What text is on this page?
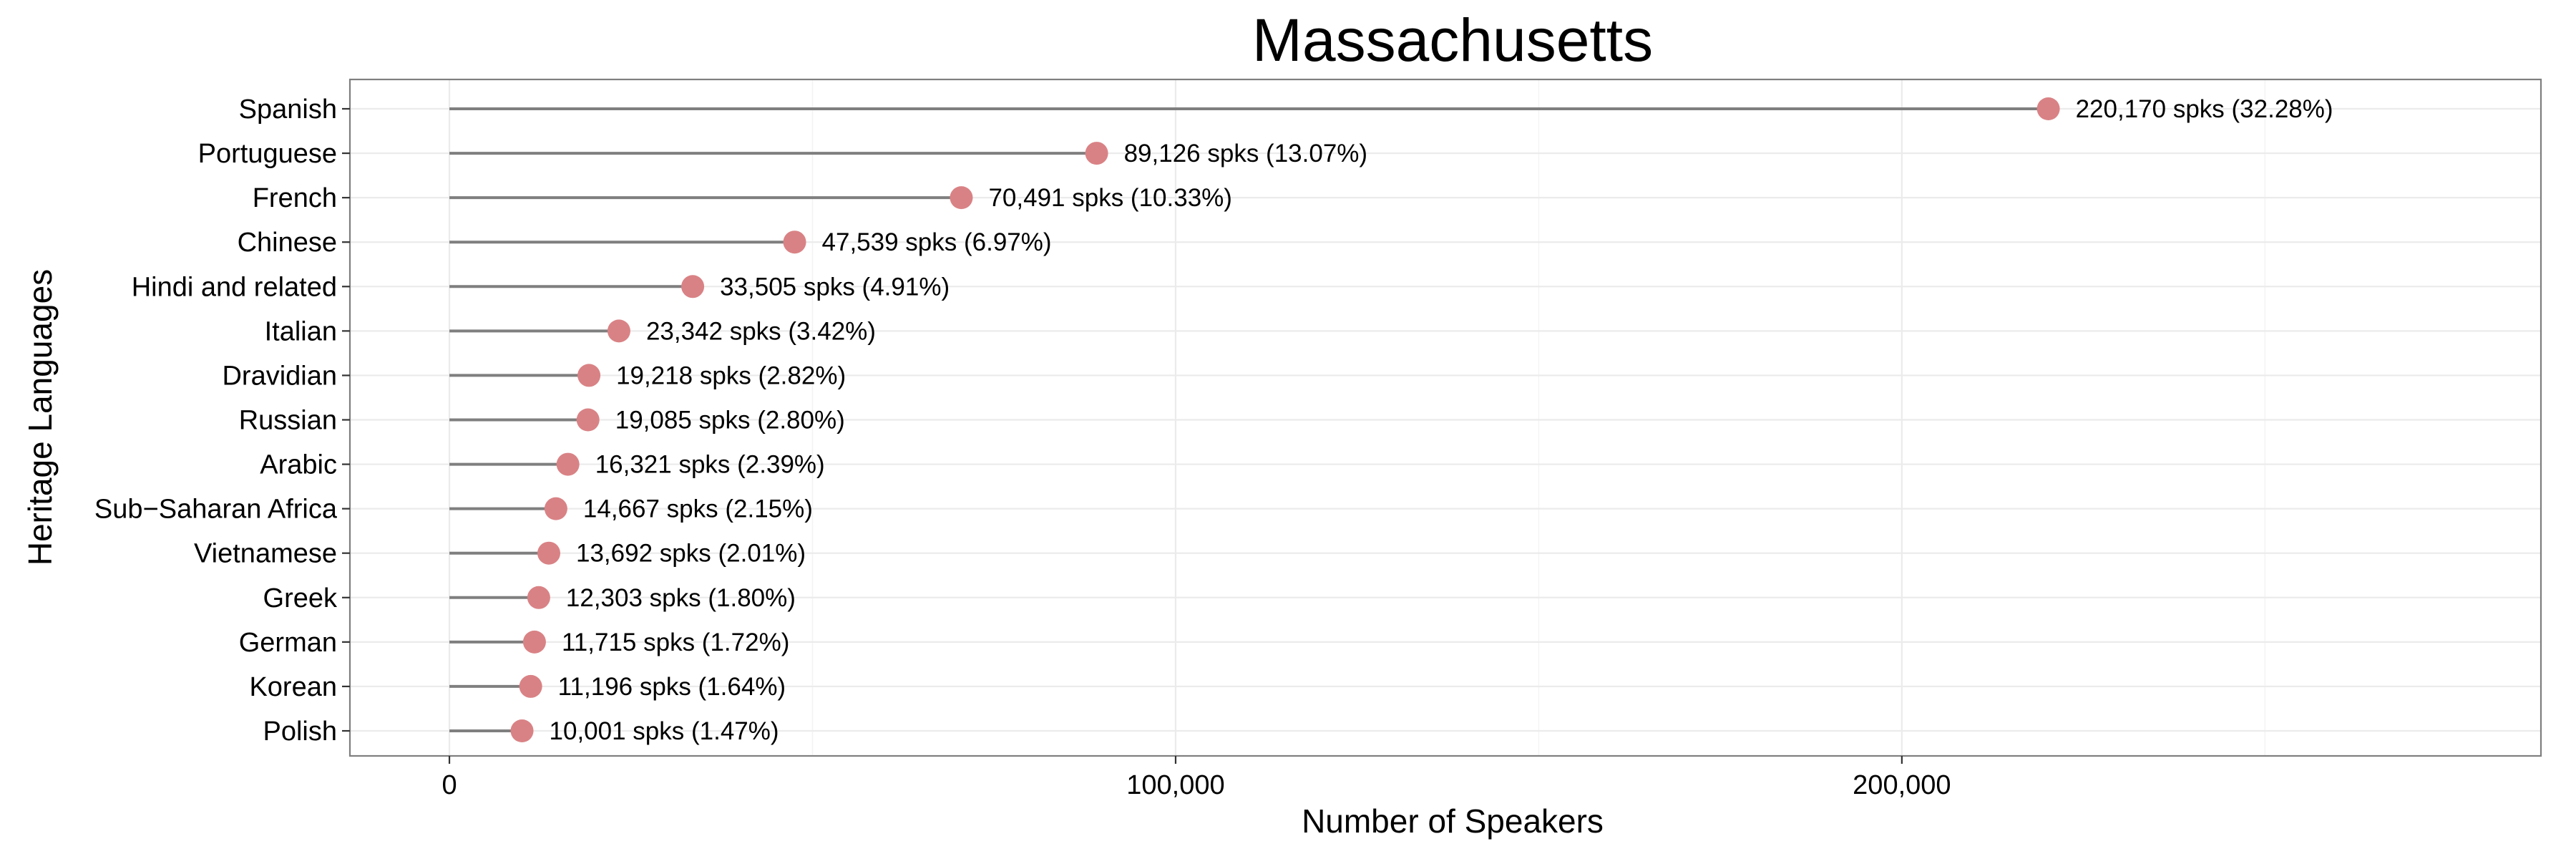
Massachusetts
220,170 spks (32.28%)
89,126 spks (13.07%)
70,491 spks (10.33%)
47,539 spks (6.97%)
33,505 spks (4.91%)
23,342 spks (3.42%)
19,218 spks (2.82%)
19,085 spks (2.80%)
16,321 spks (2.39%)
14,667 spks (2.15%)
13,692 spks (2.01%)
12,303 spks (1.80%)
11,715 spks (1.72%)
11,196 spks (1.64%)
10,001 spks (1.47%)
Spanish
Portuguese
French
Chinese
Hindi and related
Italian
Dravidian
Russian
Arabic
Sub−Saharan Africa
Vietnamese
Greek
German
Korean
Polish
0	100,000	200,000
Number of Speakers
Heritage Languages
